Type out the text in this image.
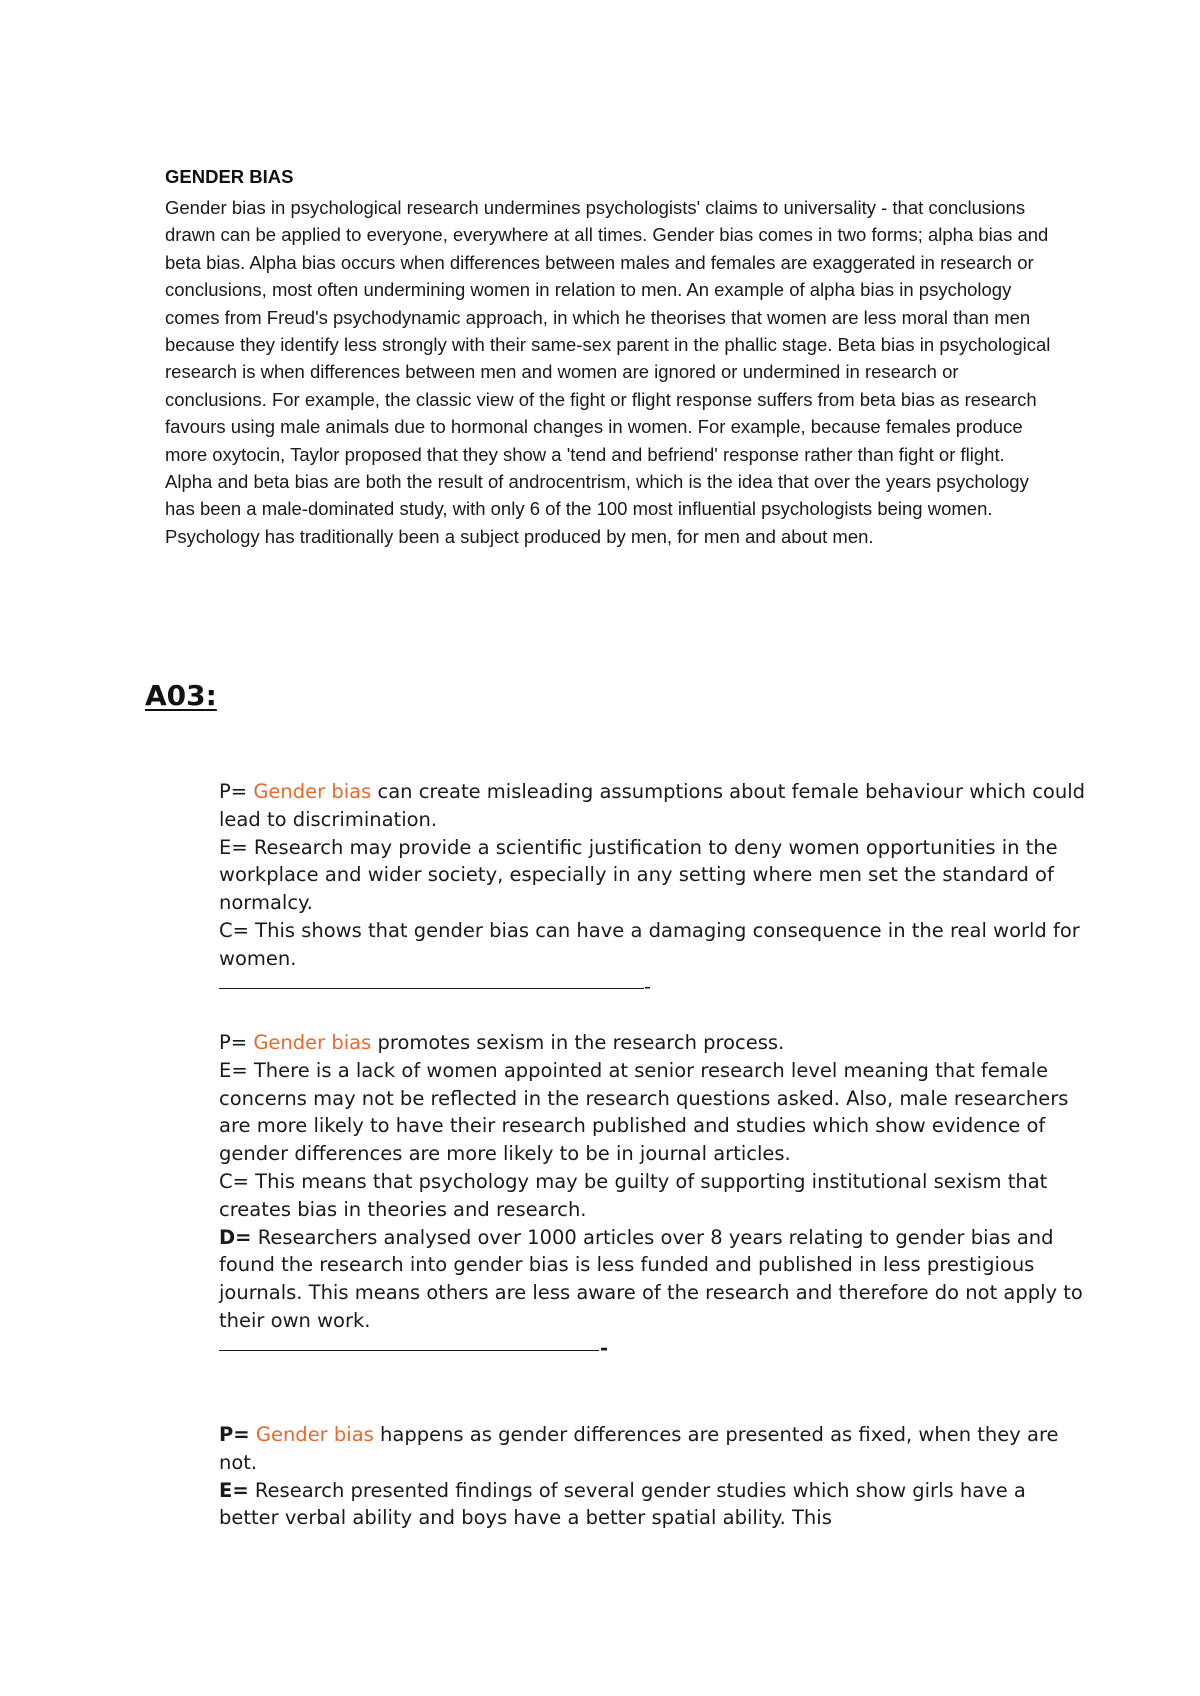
GENDER BIAS

Gender bias in psychological research undermines psychologists' claims to universality - that conclusions drawn can be applied to everyone, everywhere at all times. Gender bias comes in two forms; alpha bias and beta bias. Alpha bias occurs when differences between males and females are exaggerated in research or conclusions, most often undermining women in relation to men. An example of alpha bias in psychology comes from Freud's psychodynamic approach, in which he theorises that women are less moral than men because they identify less strongly with their same-sex parent in the phallic stage. Beta bias in psychological research is when differences between men and women are ignored or undermined in research or conclusions. For example, the classic view of the fight or flight response suffers from beta bias as research favours using male animals due to hormonal changes in women. For example, because females produce more oxytocin, Taylor proposed that they show a 'tend and befriend' response rather than fight or flight. Alpha and beta bias are both the result of androcentrism, which is the idea that over the years psychology has been a male-dominated study, with only 6 of the 100 most influential psychologists being women. Psychology has traditionally been a subject produced by men, for men and about men.

A03:

P= Gender bias can create misleading assumptions about female behaviour which could lead to discrimination.

E= Research may provide a scientific justification to deny women opportunities in the workplace and wider society, especially in any setting where men set the standard of normalcy.

C= This shows that gender bias can have a damaging consequence in the real world for women.

-

P= Gender bias promotes sexism in the research process.

E= There is a lack of women appointed at senior research level meaning that female concerns may not be reflected in the research questions asked. Also, male researchers are more likely to have their research published and studies which show evidence of gender differences are more likely to be in journal articles.

C= This means that psychology may be guilty of supporting institutional sexism that creates bias in theories and research.

D= Researchers analysed over 1000 articles over 8 years relating to gender bias and found the research into gender bias is less funded and published in less prestigious journals. This means others are less aware of the research and therefore do not apply to their own work.

-

P= Gender bias happens as gender differences are presented as fixed, when they are not.

E= Research presented findings of several gender studies which show girls have a better verbal ability and boys have a better spatial ability. This
